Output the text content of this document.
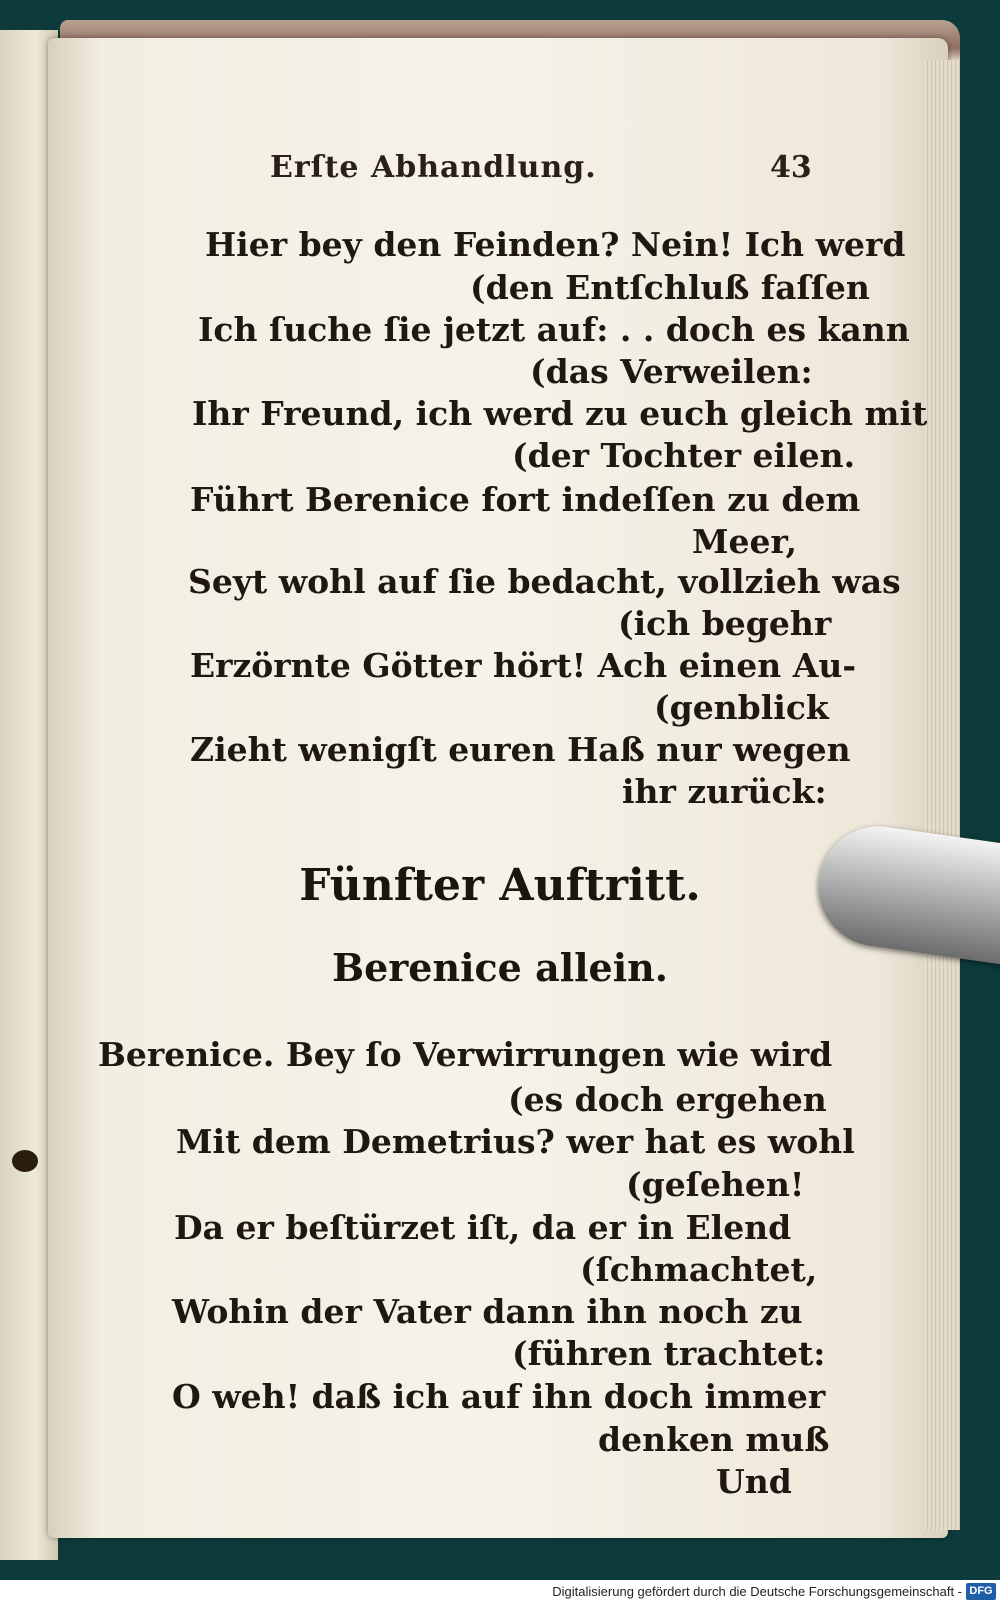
Erſte Abhandlung.	43
Hier bey den Feinden? Nein! Ich werd
(den Entſchluß faſſen
Ich ſuche ſie jetzt auf: . . doch es kann
(das Verweilen:
Ihr Freund, ich werd zu euch gleich mit
(der Tochter eilen.
Führt Berenice fort indeſſen zu dem
Meer,
Seyt wohl auf ſie bedacht, vollzieh was
(ich begehr
Erzörnte Götter hört! Ach einen Au-
(genblick
Zieht wenigſt euren Haß nur wegen
ihr zurück:
Fünfter Auftritt.
Berenice allein.
Berenice. Bey ſo Verwirrungen wie wird
(es doch ergehen
Mit dem Demetrius? wer hat es wohl
(geſehen!
Da er beſtürzet iſt, da er in Elend
(ſchmachtet,
Wohin der Vater dann ihn noch zu
(führen trachtet:
O weh! daß ich auf ihn doch immer
denken muß
Und
Digitalisierung gefördert durch die Deutsche Forschungsgemeinschaft - DFG
